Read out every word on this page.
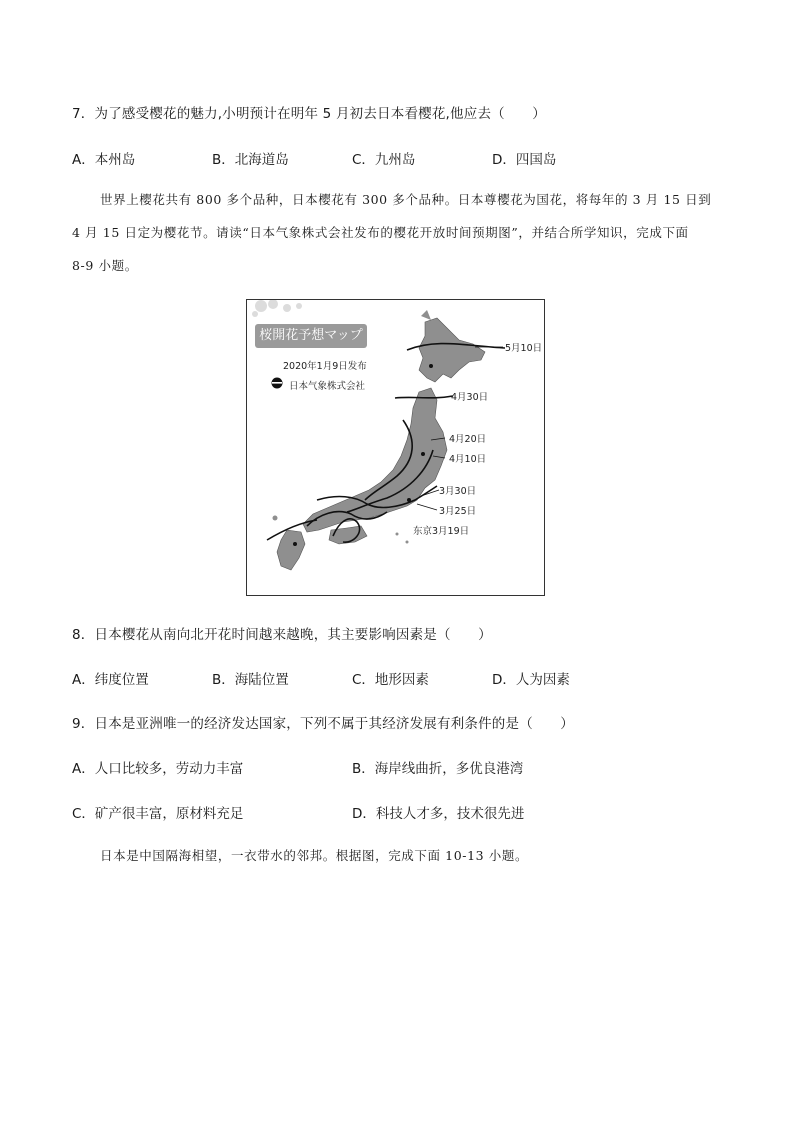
7．为了感受樱花的魅力,小明预计在明年 5 月初去日本看樱花,他应去（　　）
A．本州岛	B．北海道岛	C．九州岛	D．四国岛
世界上樱花共有 800 多个品种，日本樱花有 300 多个品种。日本尊樱花为国花，将每年的 3 月 15 日到
4 月 15 日定为樱花节。请读“日本气象株式会社发布的樱花开放时间预期图”，并结合所学知识，完成下面
8-9 小题。
桜開花予想マップ
2020年1月9日发布
日本气象株式会社
5月10日
4月30日
4月20日
4月10日
3月30日
3月25日
东京3月19日
8．日本樱花从南向北开花时间越来越晚，其主要影响因素是（　　）
A．纬度位置	B．海陆位置	C．地形因素	D．人为因素
9．日本是亚洲唯一的经济发达国家，下列不属于其经济发展有利条件的是（　　）
A．人口比较多，劳动力丰富	B．海岸线曲折，多优良港湾
C．矿产很丰富，原材料充足	D．科技人才多，技术很先进
日本是中国隔海相望，一衣带水的邻邦。根据图，完成下面 10-13 小题。
